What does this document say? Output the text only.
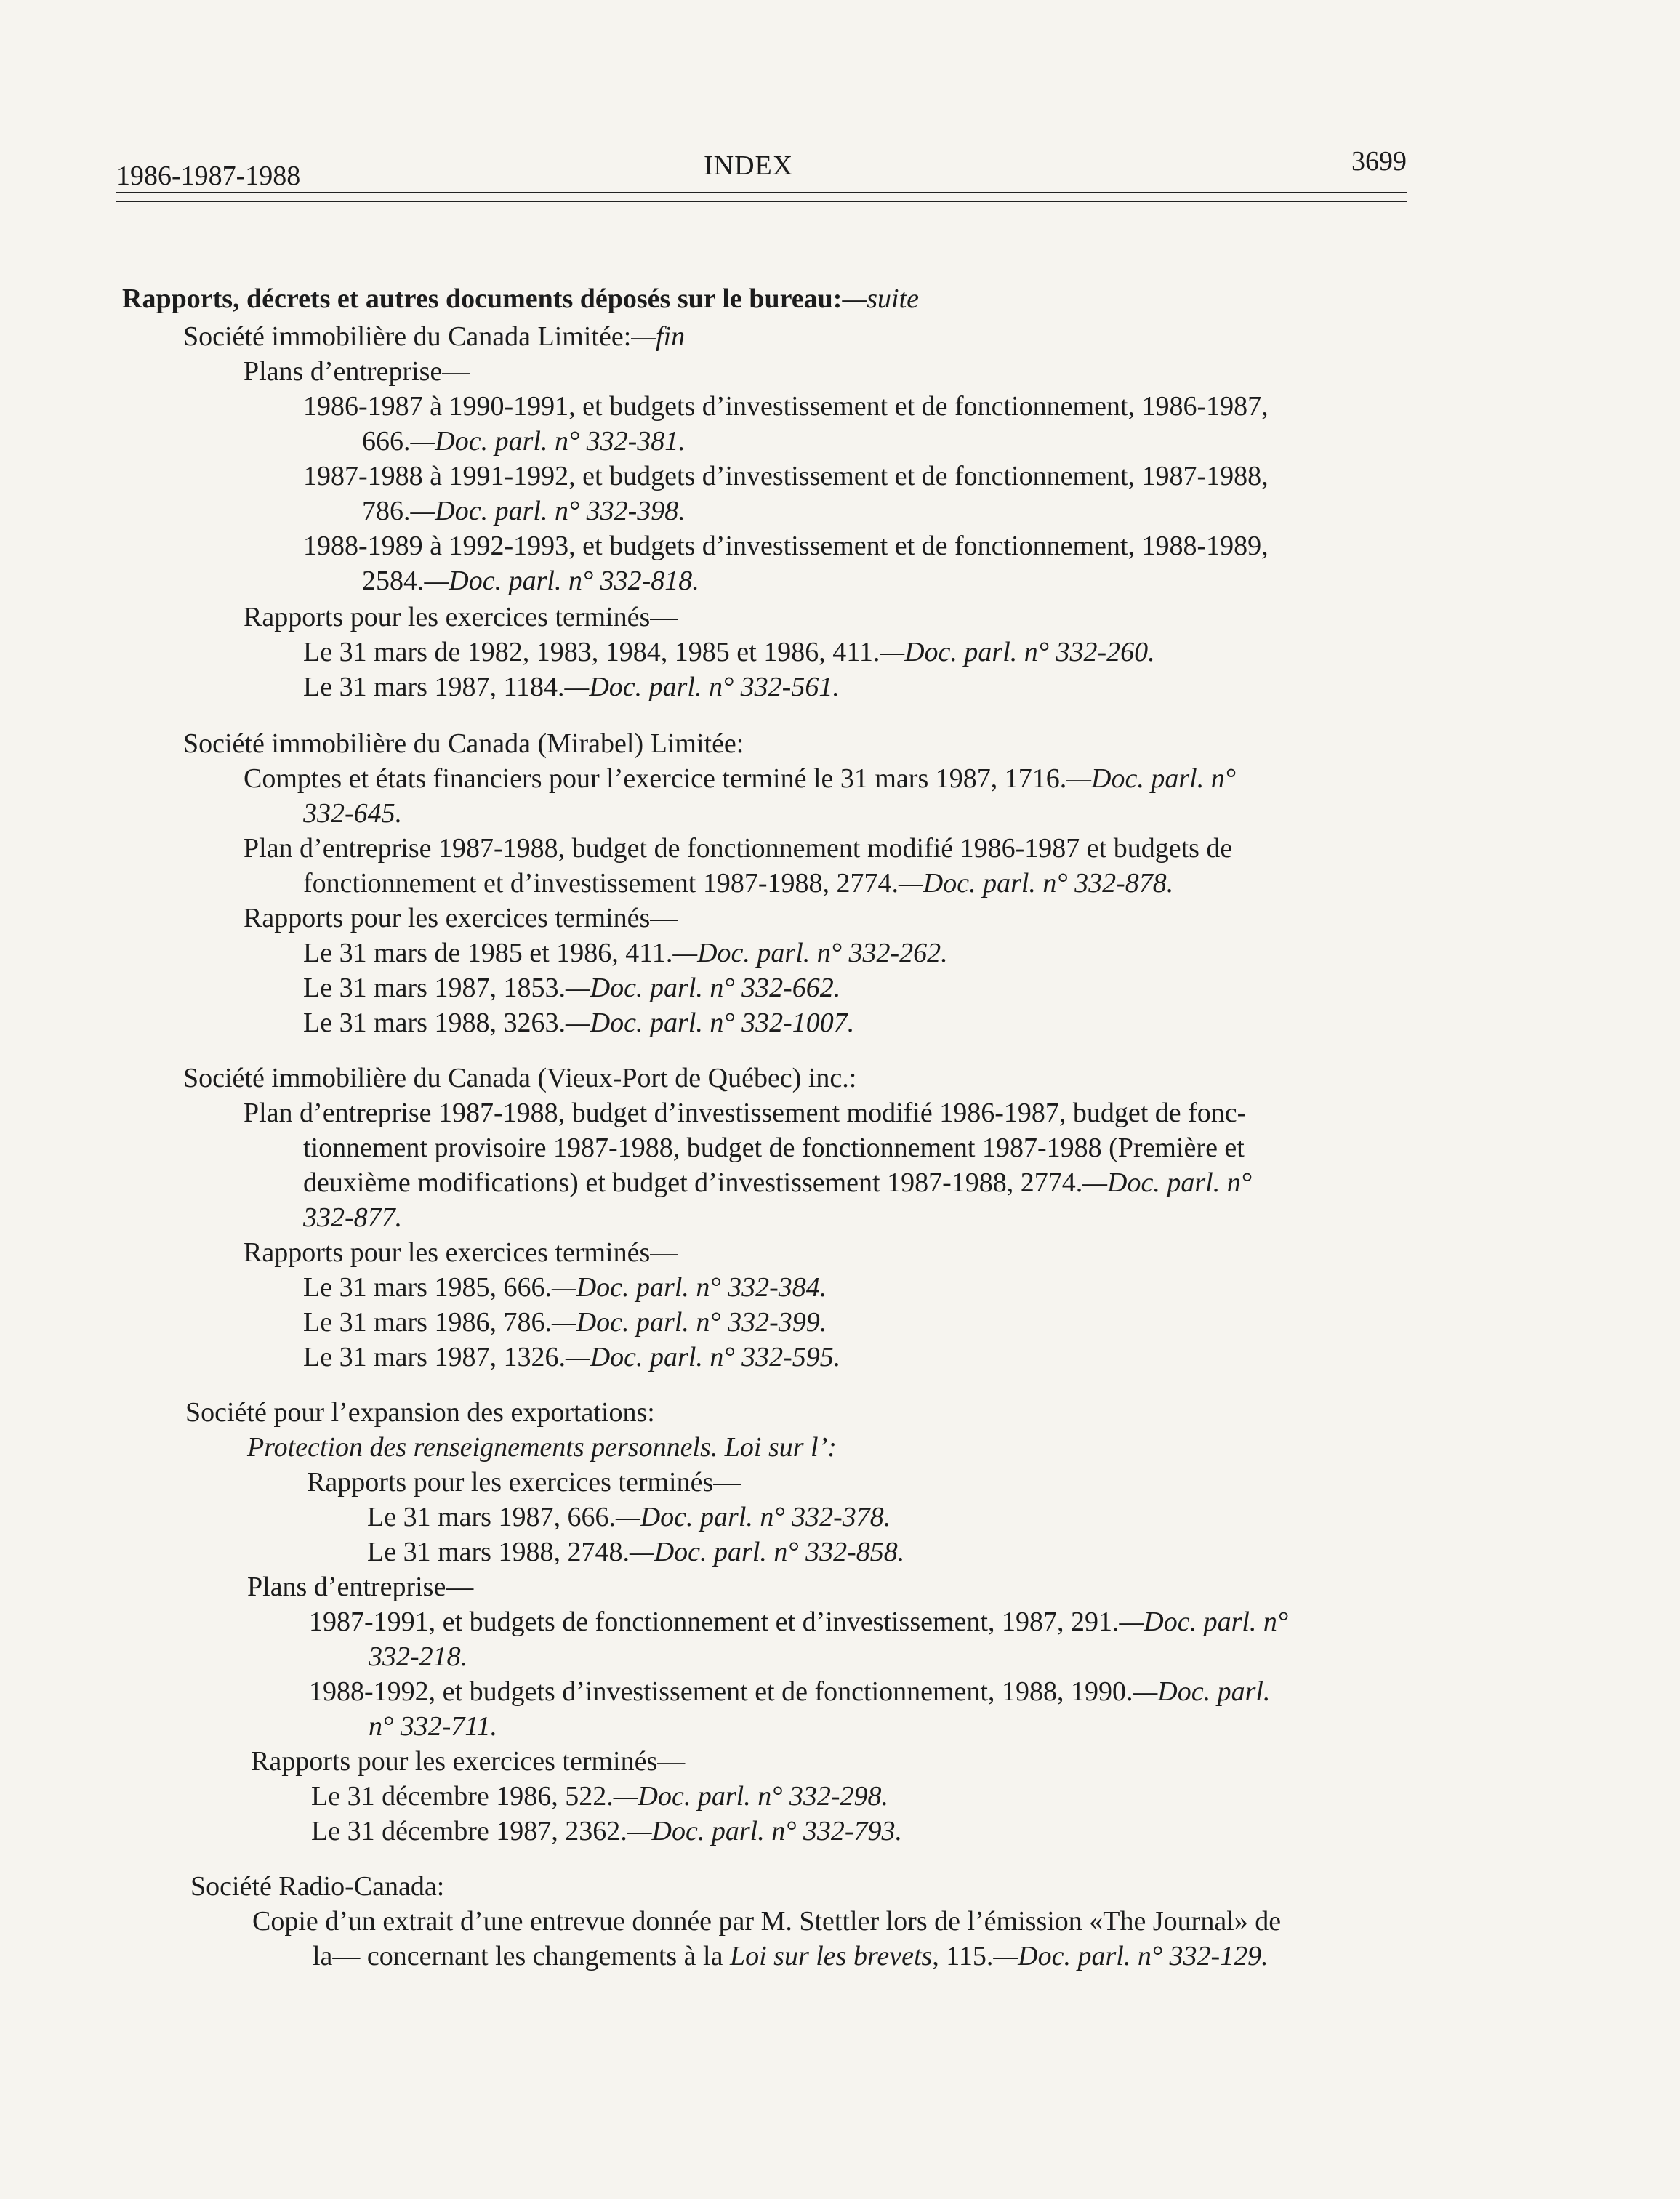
1986-1987-1988	INDEX	3699
Rapports, décrets et autres documents déposés sur le bureau:—suite
Société immobilière du Canada Limitée:—fin
Plans d’entreprise—
1986-1987 à 1990-1991, et budgets d’investissement et de fonctionnement, 1986-1987,
666.—Doc. parl. n° 332-381.
1987-1988 à 1991-1992, et budgets d’investissement et de fonctionnement, 1987-1988,
786.—Doc. parl. n° 332-398.
1988-1989 à 1992-1993, et budgets d’investissement et de fonctionnement, 1988-1989,
2584.—Doc. parl. n° 332-818.
Rapports pour les exercices terminés—
Le 31 mars de 1982, 1983, 1984, 1985 et 1986, 411.—Doc. parl. n° 332-260.
Le 31 mars 1987, 1184.—Doc. parl. n° 332-561.
Société immobilière du Canada (Mirabel) Limitée:
Comptes et états financiers pour l’exercice terminé le 31 mars 1987, 1716.—Doc. parl. n°
332-645.
Plan d’entreprise 1987-1988, budget de fonctionnement modifié 1986-1987 et budgets de
fonctionnement et d’investissement 1987-1988, 2774.—Doc. parl. n° 332-878.
Rapports pour les exercices terminés—
Le 31 mars de 1985 et 1986, 411.—Doc. parl. n° 332-262.
Le 31 mars 1987, 1853.—Doc. parl. n° 332-662.
Le 31 mars 1988, 3263.—Doc. parl. n° 332-1007.
Société immobilière du Canada (Vieux-Port de Québec) inc.:
Plan d’entreprise 1987-1988, budget d’investissement modifié 1986-1987, budget de fonc-
tionnement provisoire 1987-1988, budget de fonctionnement 1987-1988 (Première et
deuxième modifications) et budget d’investissement 1987-1988, 2774.—Doc. parl. n°
332-877.
Rapports pour les exercices terminés—
Le 31 mars 1985, 666.—Doc. parl. n° 332-384.
Le 31 mars 1986, 786.—Doc. parl. n° 332-399.
Le 31 mars 1987, 1326.—Doc. parl. n° 332-595.
Société pour l’expansion des exportations:
Protection des renseignements personnels. Loi sur l’:
Rapports pour les exercices terminés—
Le 31 mars 1987, 666.—Doc. parl. n° 332-378.
Le 31 mars 1988, 2748.—Doc. parl. n° 332-858.
Plans d’entreprise—
1987-1991, et budgets de fonctionnement et d’investissement, 1987, 291.—Doc. parl. n°
332-218.
1988-1992, et budgets d’investissement et de fonctionnement, 1988, 1990.—Doc. parl.
n° 332-711.
Rapports pour les exercices terminés—
Le 31 décembre 1986, 522.—Doc. parl. n° 332-298.
Le 31 décembre 1987, 2362.—Doc. parl. n° 332-793.
Société Radio-Canada:
Copie d’un extrait d’une entrevue donnée par M. Stettler lors de l’émission «The Journal» de
la— concernant les changements à la Loi sur les brevets, 115.—Doc. parl. n° 332-129.
